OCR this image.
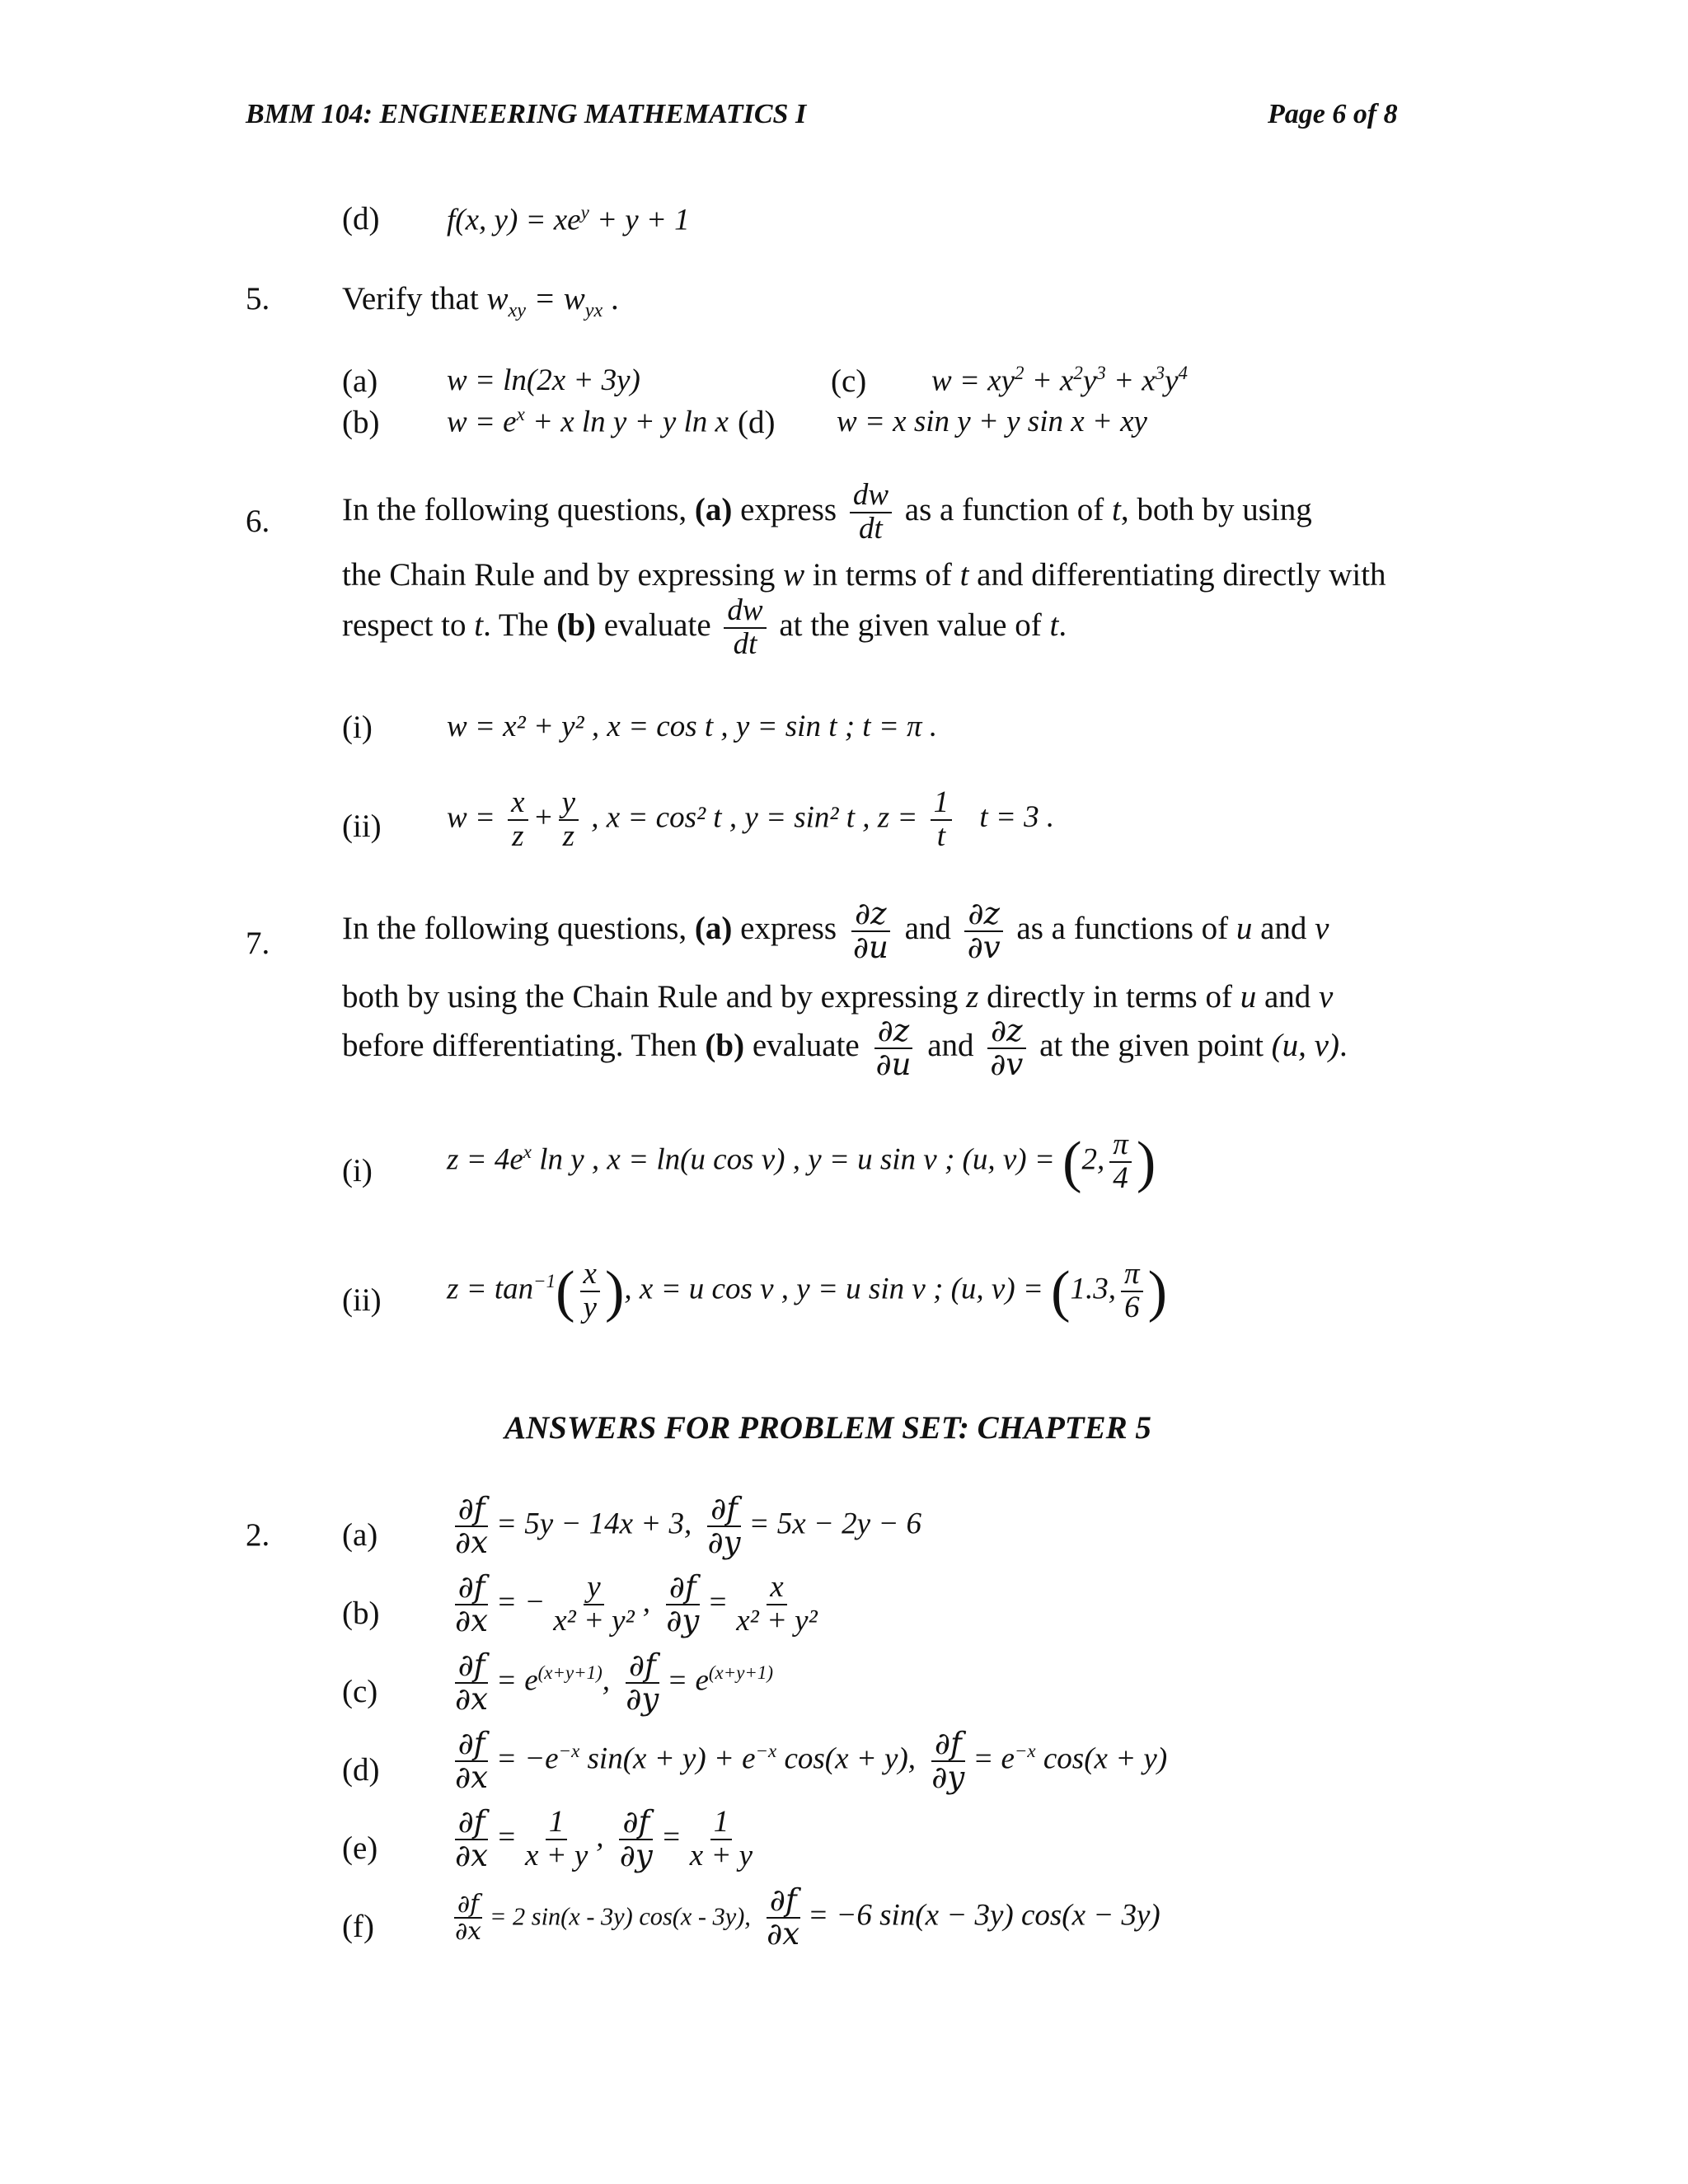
BMM 104: ENGINEERING MATHEMATICS I	Page 6 of 8
(d) f(x, $y) = xe^y + y + 1$
5. Verify that $w_{xy} = w_{yx}$ .
(a) w = ln(2x + 3y)
(b) $w = e^x + x$ ln y + y ln x (d)
(c) $w = xy^2 + x^2y^3 + x^3y^4$
w = x sin y + y sin x + xy
6. In the following questions, (a) express $\frac{dw}{dt}$ as a function of t, both by using
the Chain Rule and by expressing w in terms of t and differentiating directly with
respect to t. The (b) evaluate $\frac{dw}{dt}$ at the given value of t.
(i) w = x² + y² , x = cos t , y = sin t ; t = π .
(ii) $w = \frac{x}{z} + \frac{y}{z}$ , x = cos² t , y = sin² t , $z = \frac{1}{t}$ t = 3 .
7. In the following questions, (a) express $\frac{\partial z}{\partial u}$ and $\frac{\partial z}{\partial v}$ as a functions of u and v
both by using the Chain Rule and by expressing z directly in terms of u and v
before differentiating. Then (b) evaluate $\frac{\partial z}{\partial u}$ and $\frac{\partial z}{\partial v}$ at the given point (u, v).
(i) $z = 4e^x$ ln y , x = ln(u cos v) , y = u sin v ; (u, v) = (2, $\frac{\pi}{4}$ )
(ii) $z = \tan^{-1}( \frac{x}{y}$ ), x = u cos v , y = u sin v ; (u, v) = (1.3, $\frac{\pi}{6}$ )
ANSWERS FOR PROBLEM SET: CHAPTER 5
2. $(a) \frac{\partial f}{\partial x} = 5y - 14x + 3$, $\frac{\partial f}{\partial y} = 5x - 2y - 6$
$(b) \frac{\partial f}{\partial x}$ = − $\frac{y}{\text{x² + y²}}$ , $\frac{\partial f}{\partial y} = \frac{x}{\text{x² + y²}}$
$(c) \frac{\partial f}{\partial x} = e^{(x+y+1)}$, $\frac{\partial f}{\partial y} = e^{(x+y+1)}$
$(d) \frac{\partial f}{\partial x} = -e^{-x}$ $\sin(x + y) + e^{-x}$ cos(x + y), $\frac{\partial f}{\partial y} = e^{-x}$ cos(x + y)
$(e) \frac{\partial f}{\partial x} = \frac{1}{x + y}$ , $\frac{\partial f}{\partial y} = \frac{1}{x + y}$
(f)	$\frac{\partial f}{\partial x} = 2$ sin(x - 3y) cos(x - 3y), $\frac{\partial f}{\partial x} = -6$ sin(x − 3y) cos(x − 3y)
